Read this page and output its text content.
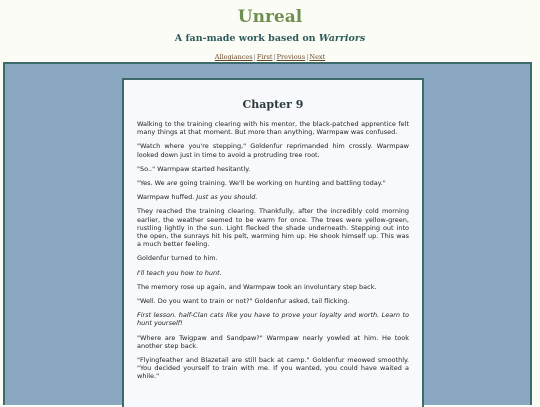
Unreal

A fan-made work based on Warriors

Allegiances|First|Previous|Next
Chapter 9

Walking to the training clearing with his mentor, the black-patched apprentice felt many things at that moment. But more than anything, Warmpaw was confused.

"Watch where you're stepping," Goldenfur reprimanded him crossly. Warmpaw looked down just in time to avoid a protruding tree root.

"So.." Warmpaw started hesitantly.

"Yes. We are going training. We'll be working on hunting and battling today."

Warmpaw huffed. Just as you should.

They reached the training clearing. Thankfully, after the incredibly cold morning earlier, the weather seemed to be warm for once. The trees were yellow-green, rustling lightly in the sun. Light flecked the shade underneath. Stepping out into the open, the sunrays hit his pelt, warming him up. He shook himself up. This was a much better feeling.

Goldenfur turned to him.

I'll teach you how to hunt.

The memory rose up again, and Warmpaw took an involuntary step back.

"Well. Do you want to train or not?" Goldenfur asked, tail flicking.

First lesson. half-Clan cats like you have to prove your loyalty and worth. Learn to hunt yourself!

"Where are Twigpaw and Sandpaw?" Warmpaw nearly yowled at him. He took another step back.

"Flyingfeather and Blazetail are still back at camp." Goldenfur meowed smoothly. "You decided yourself to train with me. If you wanted, you could have waited a while."
